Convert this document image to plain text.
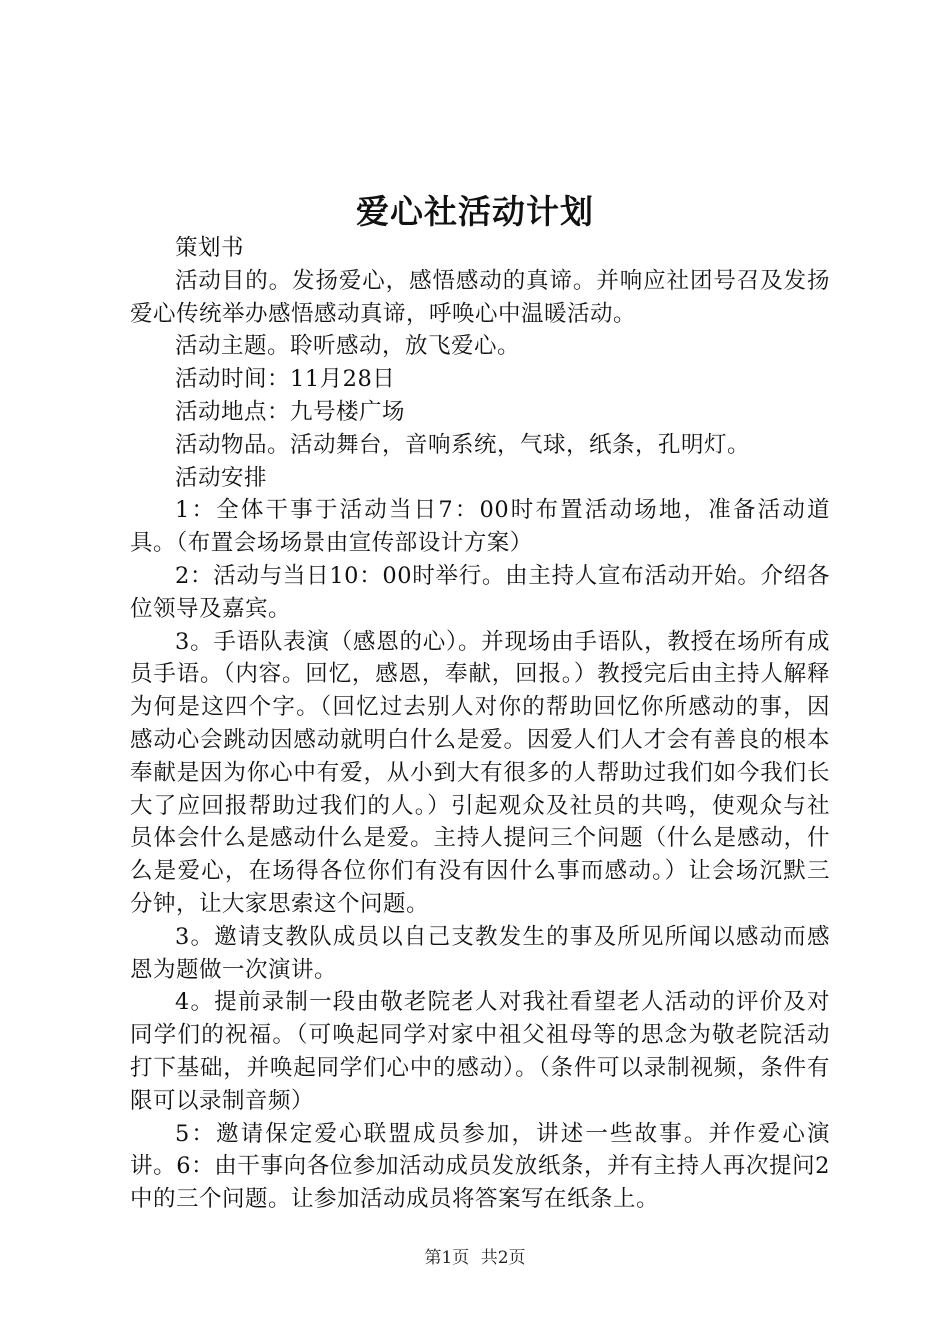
爱心社活动计划

策划书

活动目的。发扬爱心，感悟感动的真谛。并响应社团号召及发扬爱心传统举办感悟感动真谛，呼唤心中温暖活动。

活动主题。聆听感动，放飞爱心。

活动时间：11月28日

活动地点：九号楼广场

活动物品。活动舞台，音响系统，气球，纸条，孔明灯。

活动安排

1：全体干事于活动当日7：00时布置活动场地，准备活动道具。（布置会场场景由宣传部设计方案）

2：活动与当日10：00时举行。由主持人宣布活动开始。介绍各位领导及嘉宾。

3。手语队表演（感恩的心）。并现场由手语队，教授在场所有成员手语。（内容。回忆，感恩，奉献，回报。）教授完后由主持人解释为何是这四个字。（回忆过去别人对你的帮助回忆你所感动的事，因感动心会跳动因感动就明白什么是爱。因爱人们人才会有善良的根本奉献是因为你心中有爱，从小到大有很多的人帮助过我们如今我们长大了应回报帮助过我们的人。）引起观众及社员的共鸣，使观众与社员体会什么是感动什么是爱。主持人提问三个问题（什么是感动，什么是爱心，在场得各位你们有没有因什么事而感动。）让会场沉默三分钟，让大家思索这个问题。

3。邀请支教队成员以自己支教发生的事及所见所闻以感动而感恩为题做一次演讲。

4。提前录制一段由敬老院老人对我社看望老人活动的评价及对同学们的祝福。（可唤起同学对家中祖父祖母等的思念为敬老院活动打下基础，并唤起同学们心中的感动）。（条件可以录制视频，条件有限可以录制音频）

5：邀请保定爱心联盟成员参加，讲述一些故事。并作爱心演讲。6：由干事向各位参加活动成员发放纸条，并有主持人再次提问2中的三个问题。让参加活动成员将答案写在纸条上。

第1页 共2页
